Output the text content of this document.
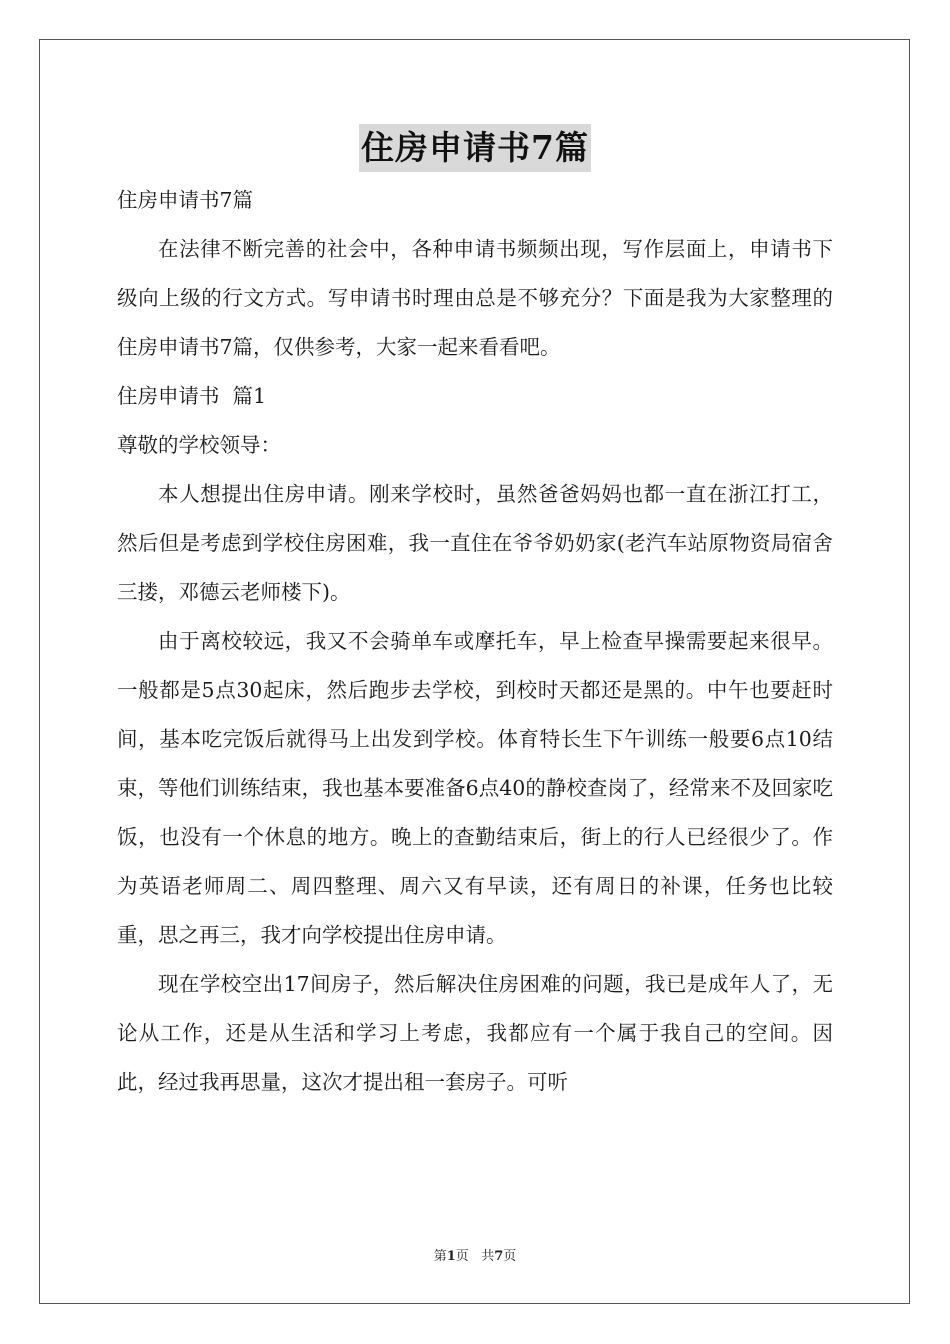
住房申请书7篇
住房申请书7篇

在法律不断完善的社会中，各种申请书频频出现，写作层面上，申请书下级向上级的行文方式。写申请书时理由总是不够充分？下面是我为大家整理的住房申请书7篇，仅供参考，大家一起来看看吧。

住房申请书  篇1
尊敬的学校领导：

本人想提出住房申请。刚来学校时，虽然爸爸妈妈也都一直在浙江打工，然后但是考虑到学校住房困难，我一直住在爷爷奶奶家(老汽车站原物资局宿舍三搂，邓德云老师楼下)。

由于离校较远，我又不会骑单车或摩托车，早上检查早操需要起来很早。一般都是5点30起床，然后跑步去学校，到校时天都还是黑的。中午也要赶时间，基本吃完饭后就得马上出发到学校。体育特长生下午训练一般要6点10结束，等他们训练结束，我也基本要准备6点40的静校查岗了，经常来不及回家吃饭，也没有一个休息的地方。晚上的查勤结束后，街上的行人已经很少了。作为英语老师周二、周四整理、周六又有早读，还有周日的补课，任务也比较重，思之再三，我才向学校提出住房申请。

现在学校空出17间房子，然后解决住房困难的问题，我已是成年人了，无论从工作，还是从生活和学习上考虑，我都应有一个属于我自己的空间。因此，经过我再思量，这次才提出租一套房子。可听

第1页 共7页
